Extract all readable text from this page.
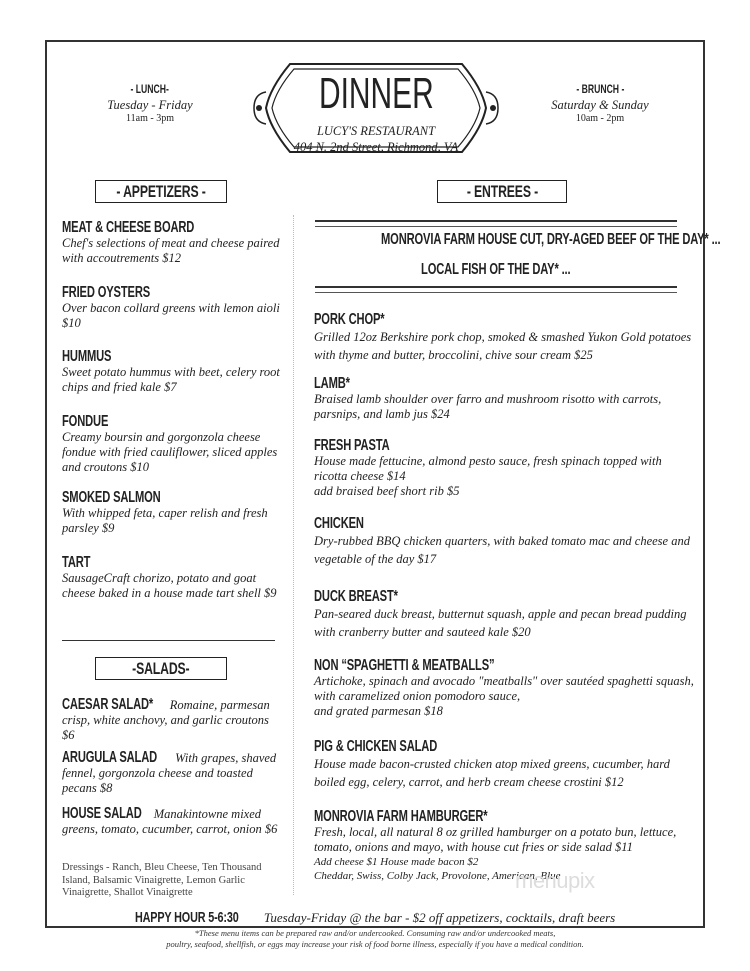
- LUNCH-
Tuesday - Friday
11am - 3pm
DINNER	- BRUNCH -
Saturday & Sunday
10am - 2pm
LUCY'S RESTAURANT
404 N. 2nd Street, Richmond, VA
- APPETIZERS -	- ENTREES -
MEAT & CHEESE BOARD
Chef's selections of meat and cheese paired with accoutrements $12
FRIED OYSTERS
Over bacon collard greens with lemon aioli $10
HUMMUS
Sweet potato hummus with beet, celery root chips and fried kale $7
FONDUE
Creamy boursin and gorgonzola cheese fondue with fried cauliflower, sliced apples and croutons $10
SMOKED SALMON
With whipped feta, caper relish and fresh parsley $9
TART
SausageCraft chorizo, potato and goat cheese baked in a house made tart shell $9
-SALADS-
CAESAR SALAD* Romaine, parmesan crisp, white anchovy, and garlic croutons $6
ARUGULA SALAD With grapes, shaved fennel, gorgonzola cheese and toasted pecans $8
HOUSE SALAD Manakintowne mixed greens, tomato, cucumber, carrot, onion $6
Dressings - Ranch, Bleu Cheese, Ten Thousand Island, Balsamic Vinaigrette, Lemon Garlic Vinaigrette, Shallot Vinaigrette
MONROVIA FARM HOUSE CUT, DRY-AGED BEEF OF THE DAY* ...
LOCAL FISH OF THE DAY* ...
PORK CHOP*
Grilled 12oz Berkshire pork chop, smoked & smashed Yukon Gold potatoes with thyme and butter, broccolini, chive sour cream $25
LAMB*
Braised lamb shoulder over farro and mushroom risotto with carrots, parsnips, and lamb jus $24
FRESH PASTA
House made fettucine, almond pesto sauce, fresh spinach topped with ricotta cheese $14
add braised beef short rib $5
CHICKEN
Dry-rubbed BBQ chicken quarters, with baked tomato mac and cheese and vegetable of the day $17
DUCK BREAST*
Pan-seared duck breast, butternut squash, apple and pecan bread pudding with cranberry butter and sauteed kale $20
NON “SPAGHETTI & MEATBALLS”
Artichoke, spinach and avocado "meatballs" over sautéed spaghetti squash, with caramelized onion pomodoro sauce,
and grated parmesan $18
PIG & CHICKEN SALAD
House made bacon-crusted chicken atop mixed greens, cucumber, hard boiled egg, celery, carrot, and herb cream cheese crostini $12
MONROVIA FARM HAMBURGER*
Fresh, local, all natural 8 oz grilled hamburger on a potato bun, lettuce, tomato, onions and mayo, with house cut fries or side salad $11
Add cheese $1 House made bacon $2
Cheddar, Swiss, Colby Jack, Provolone, American, Blue
menupix
HAPPY HOUR 5-6:30 Tuesday-Friday @ the bar - $2 off appetizers, cocktails, draft beers
*These menu items can be prepared raw and/or undercooked. Consuming raw and/or undercooked meats,
poultry, seafood, shellfish, or eggs may increase your risk of food borne illness, especially if you have a medical condition.
